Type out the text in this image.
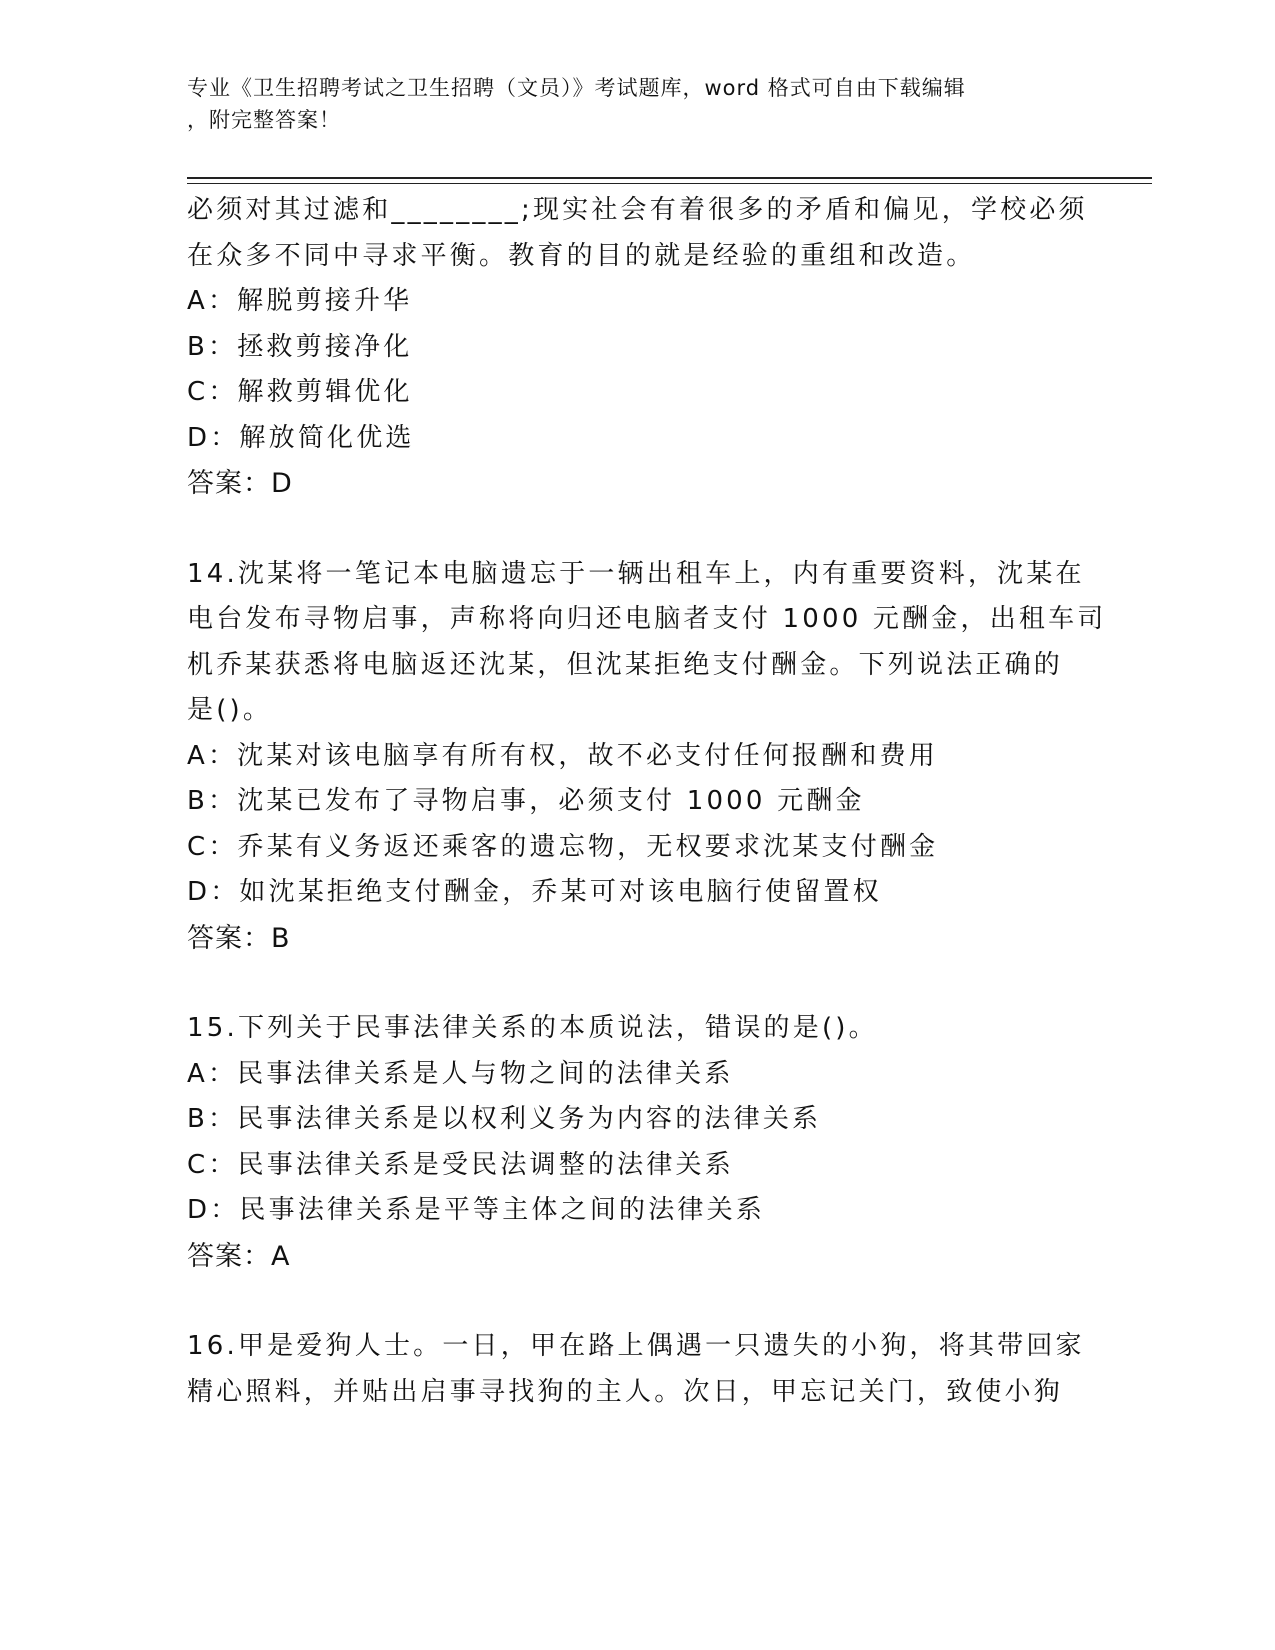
专业《卫生招聘考试之卫生招聘（文员）》考试题库，word 格式可自由下载编辑
，附完整答案！
必须对其过滤和________;现实社会有着很多的矛盾和偏见，学校必须
在众多不同中寻求平衡。教育的目的就是经验的重组和改造。
A：解脱剪接升华
B：拯救剪接净化
C：解救剪辑优化
D：解放简化优选
答案：D
14.沈某将一笔记本电脑遗忘于一辆出租车上，内有重要资料，沈某在
电台发布寻物启事，声称将向归还电脑者支付 1000 元酬金，出租车司
机乔某获悉将电脑返还沈某，但沈某拒绝支付酬金。下列说法正确的
是()。
A：沈某对该电脑享有所有权，故不必支付任何报酬和费用
B：沈某已发布了寻物启事，必须支付 1000 元酬金
C：乔某有义务返还乘客的遗忘物，无权要求沈某支付酬金
D：如沈某拒绝支付酬金，乔某可对该电脑行使留置权
答案：B
15.下列关于民事法律关系的本质说法，错误的是()。
A：民事法律关系是人与物之间的法律关系
B：民事法律关系是以权利义务为内容的法律关系
C：民事法律关系是受民法调整的法律关系
D：民事法律关系是平等主体之间的法律关系
答案：A
16.甲是爱狗人士。一日，甲在路上偶遇一只遗失的小狗，将其带回家
精心照料，并贴出启事寻找狗的主人。次日，甲忘记关门，致使小狗
